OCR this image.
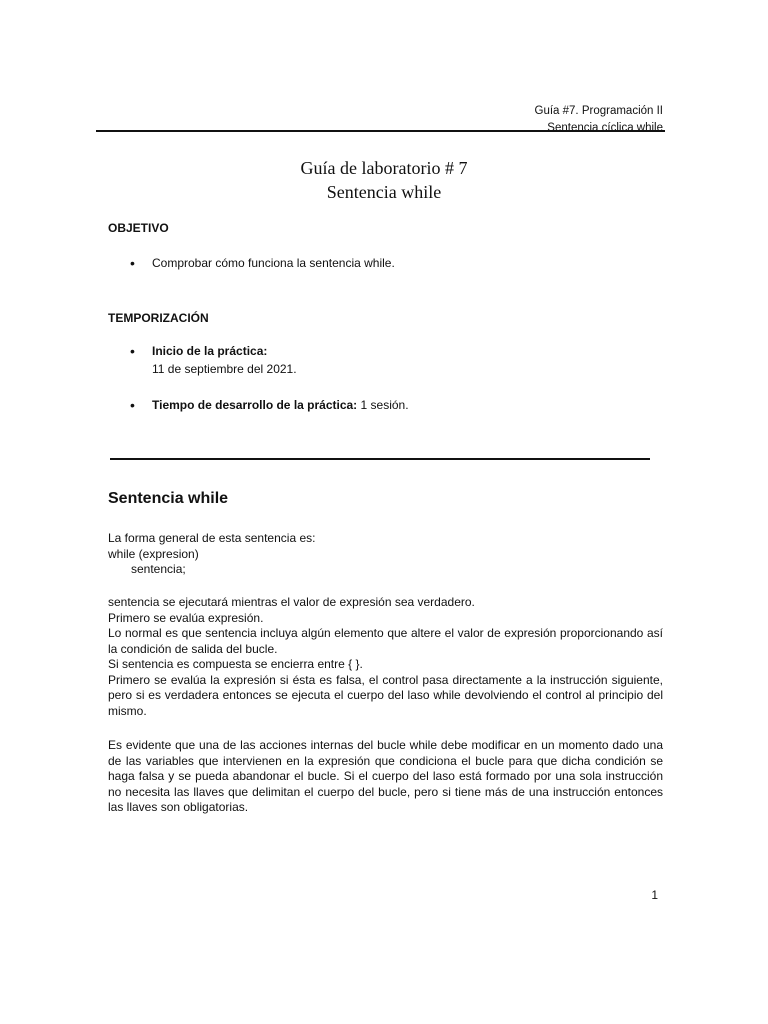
Guía #7. Programación II
Sentencia cíclica while
Guía de laboratorio # 7
Sentencia while
OBJETIVO
• Comprobar cómo funciona la sentencia while.
TEMPORIZACIÓN
• Inicio de la práctica:
11 de septiembre del 2021.
• Tiempo de desarrollo de la práctica: 1 sesión.
Sentencia while
La forma general de esta sentencia es:
while (expresion)
sentencia;
sentencia se ejecutará mientras el valor de expresión sea verdadero.
Primero se evalúa expresión.
Lo normal es que sentencia incluya algún elemento que altere el valor de expresión proporcionando así la condición de salida del bucle.
Si sentencia es compuesta se encierra entre { }.
Primero se evalúa la expresión si ésta es falsa, el control pasa directamente a la instrucción siguiente, pero si es verdadera entonces se ejecuta el cuerpo del laso while devolviendo el control al principio del mismo.
Es evidente que una de las acciones internas del bucle while debe modificar en un momento dado una de las variables que intervienen en la expresión que condiciona el bucle para que dicha condición se haga falsa y se pueda abandonar el bucle. Si el cuerpo del laso está formado por una sola instrucción no necesita las llaves que delimitan el cuerpo del bucle, pero si tiene más de una instrucción entonces las llaves son obligatorias.
1
